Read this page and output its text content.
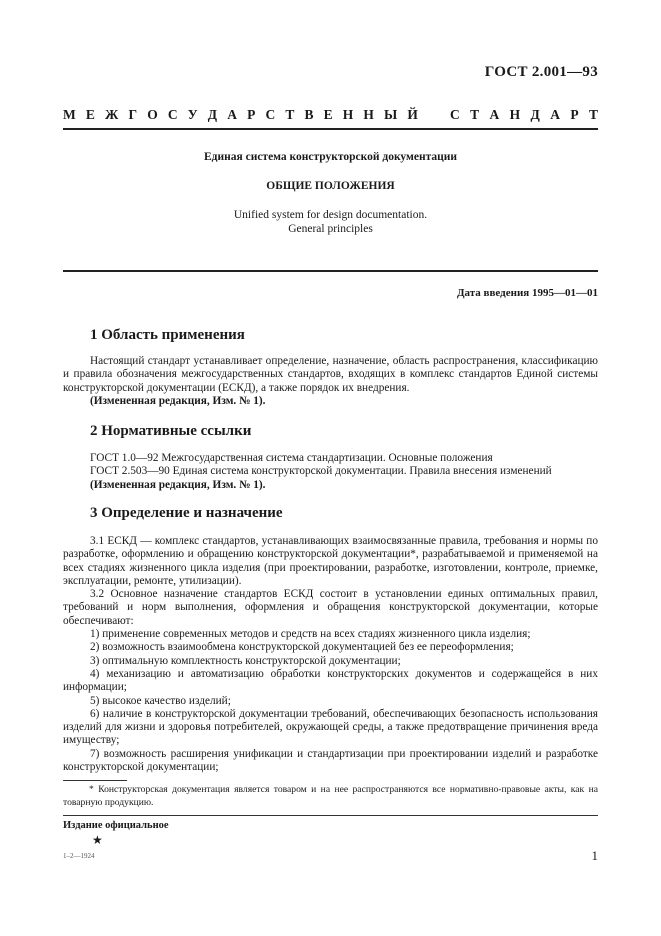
ГОСТ 2.001—93
М Е Ж Г О С У Д А Р С Т В Е Н Н Ы Й С Т А Н Д А Р Т
Единая система конструкторской документации
ОБЩИЕ ПОЛОЖЕНИЯ
Unified system for design documentation.
General principles
Дата введения 1995—01—01
1 Область применения

Настоящий стандарт устанавливает определение, назначение, область распространения, классификацию и правила обозначения межгосударственных стандартов, входящих в комплекс стандартов Единой системы конструкторской документации (ЕСКД), а также порядок их внедрения.

(Измененная редакция, Изм. № 1).

2 Нормативные ссылки

ГОСТ 1.0—92 Межгосударственная система стандартизации. Основные положения

ГОСТ 2.503—90 Единая система конструкторской документации. Правила внесения изменений

(Измененная редакция, Изм. № 1).

3 Определение и назначение

3.1 ЕСКД — комплекс стандартов, устанавливающих взаимосвязанные правила, требования и нормы по разработке, оформлению и обращению конструкторской документации*, разрабатываемой и применяемой на всех стадиях жизненного цикла изделия (при проектировании, разработке, изготовлении, контроле, приемке, эксплуатации, ремонте, утилизации).

3.2 Основное назначение стандартов ЕСКД состоит в установлении единых оптимальных правил, требований и норм выполнения, оформления и обращения конструкторской документации, которые обеспечивают:

1) применение современных методов и средств на всех стадиях жизненного цикла изделия;

2) возможность взаимообмена конструкторской документацией без ее переоформления;

3) оптимальную комплектность конструкторской документации;

4) механизацию и автоматизацию обработки конструкторских документов и содержащейся в них информации;

5) высокое качество изделий;

6) наличие в конструкторской документации требований, обеспечивающих безопасность использования изделий для жизни и здоровья потребителей, окружающей среды, а также предотвращение причинения вреда имуществу;

7) возможность расширения унификации и стандартизации при проектировании изделий и разработке конструкторской документации;

* Конструкторская документация является товаром и на нее распространяются все нормативно-правовые акты, как на товарную продукцию.
Издание официальное
★
1–2—1924	1
